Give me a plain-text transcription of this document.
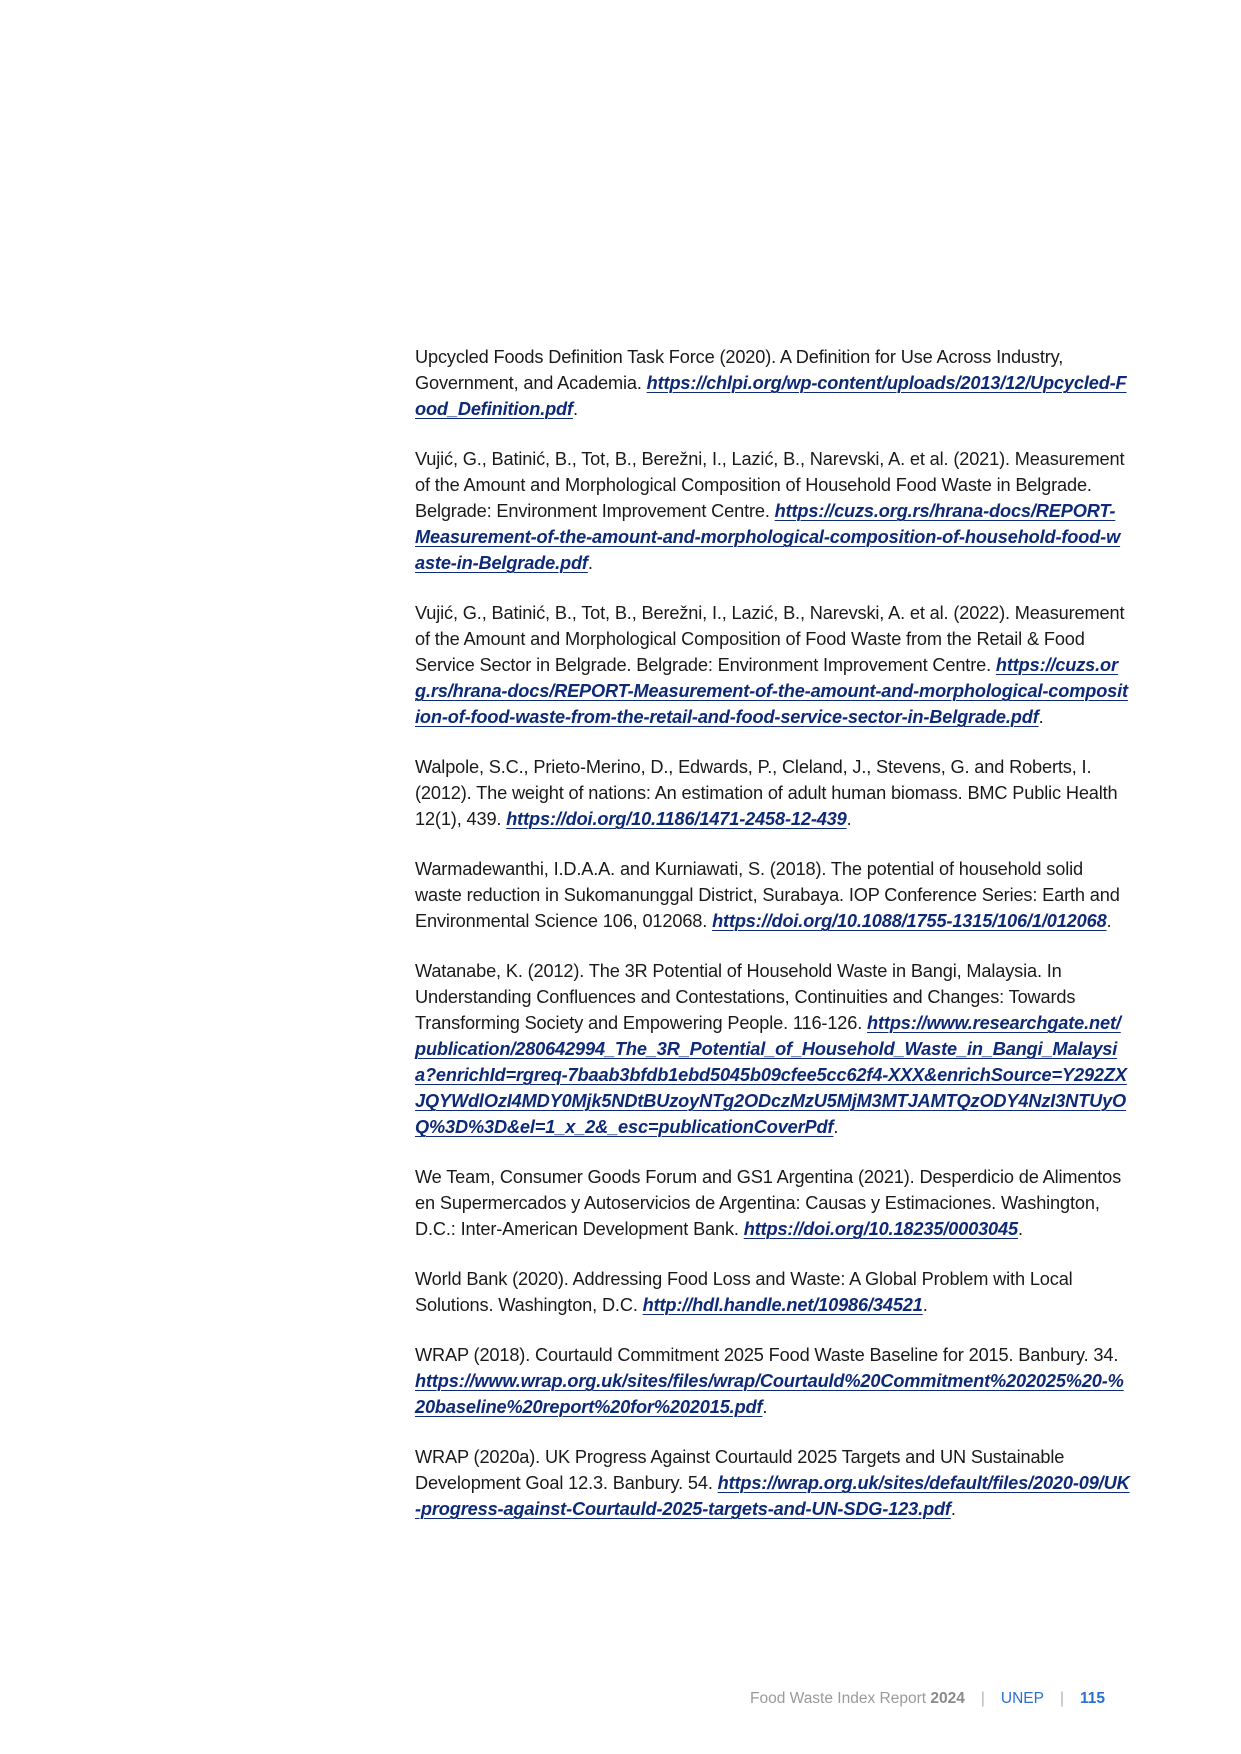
Upcycled Foods Definition Task Force (2020). A Definition for Use Across Industry, Government, and Academia. https://chlpi.org/wp-content/uploads/2013/12/Upcycled-Food_Definition.pdf.

Vujić, G., Batinić, B., Tot, B., Berežni, I., Lazić, B., Narevski, A. et al. (2021). Measurement of the Amount and Morphological Composition of Household Food Waste in Belgrade. Belgrade: Environment Improvement Centre. https://cuzs.org.rs/hrana-docs/REPORT-Measurement-of-the-amount-and-morphological-composition-of-household-food-waste-in-Belgrade.pdf.

Vujić, G., Batinić, B., Tot, B., Berežni, I., Lazić, B., Narevski, A. et al. (2022). Measurement of the Amount and Morphological Composition of Food Waste from the Retail & Food Service Sector in Belgrade. Belgrade: Environment Improvement Centre. https://cuzs.org.rs/hrana-docs/REPORT-Measurement-of-the-amount-and-morphological-composition-of-food-waste-from-the-retail-and-food-service-sector-in-Belgrade.pdf.

Walpole, S.C., Prieto-Merino, D., Edwards, P., Cleland, J., Stevens, G. and Roberts, I. (2012). The weight of nations: An estimation of adult human biomass. BMC Public Health 12(1), 439. https://doi.org/10.1186/1471-2458-12-439.

Warmadewanthi, I.D.A.A. and Kurniawati, S. (2018). The potential of household solid waste reduction in Sukomanunggal District, Surabaya. IOP Conference Series: Earth and Environmental Science 106, 012068. https://doi.org/10.1088/1755-1315/106/1/012068.

Watanabe, K. (2012). The 3R Potential of Household Waste in Bangi, Malaysia. In Understanding Confluences and Contestations, Continuities and Changes: Towards Transforming Society and Empowering People. 116-126. https://www.researchgate.net/publication/280642994_The_3R_Potential_of_Household_Waste_in_Bangi_Malaysia?enrichId=rgreq-7baab3bfdb1ebd5045b09cfee5cc62f4-XXX&enrichSource=Y292ZXJQYWdlOzI4MDY0Mjk5NDtBUzoyNTg2ODczMzU5MjM3MTJAMTQzODY4NzI3NTUyOQ%3D%3D&el=1_x_2&_esc=publicationCoverPdf.

We Team, Consumer Goods Forum and GS1 Argentina (2021). Desperdicio de Alimentos en Supermercados y Autoservicios de Argentina: Causas y Estimaciones. Washington, D.C.: Inter-American Development Bank. https://doi.org/10.18235/0003045.

World Bank (2020). Addressing Food Loss and Waste: A Global Problem with Local Solutions. Washington, D.C. http://hdl.handle.net/10986/34521.

WRAP (2018). Courtauld Commitment 2025 Food Waste Baseline for 2015. Banbury. 34. https://www.wrap.org.uk/sites/files/wrap/Courtauld%20Commitment%202025%20-%20baseline%20report%20for%202015.pdf.

WRAP (2020a). UK Progress Against Courtauld 2025 Targets and UN Sustainable Development Goal 12.3. Banbury. 54. https://wrap.org.uk/sites/default/files/2020-09/UK-progress-against-Courtauld-2025-targets-and-UN-SDG-123.pdf.

Food Waste Index Report
2024 | UNEP | 115
